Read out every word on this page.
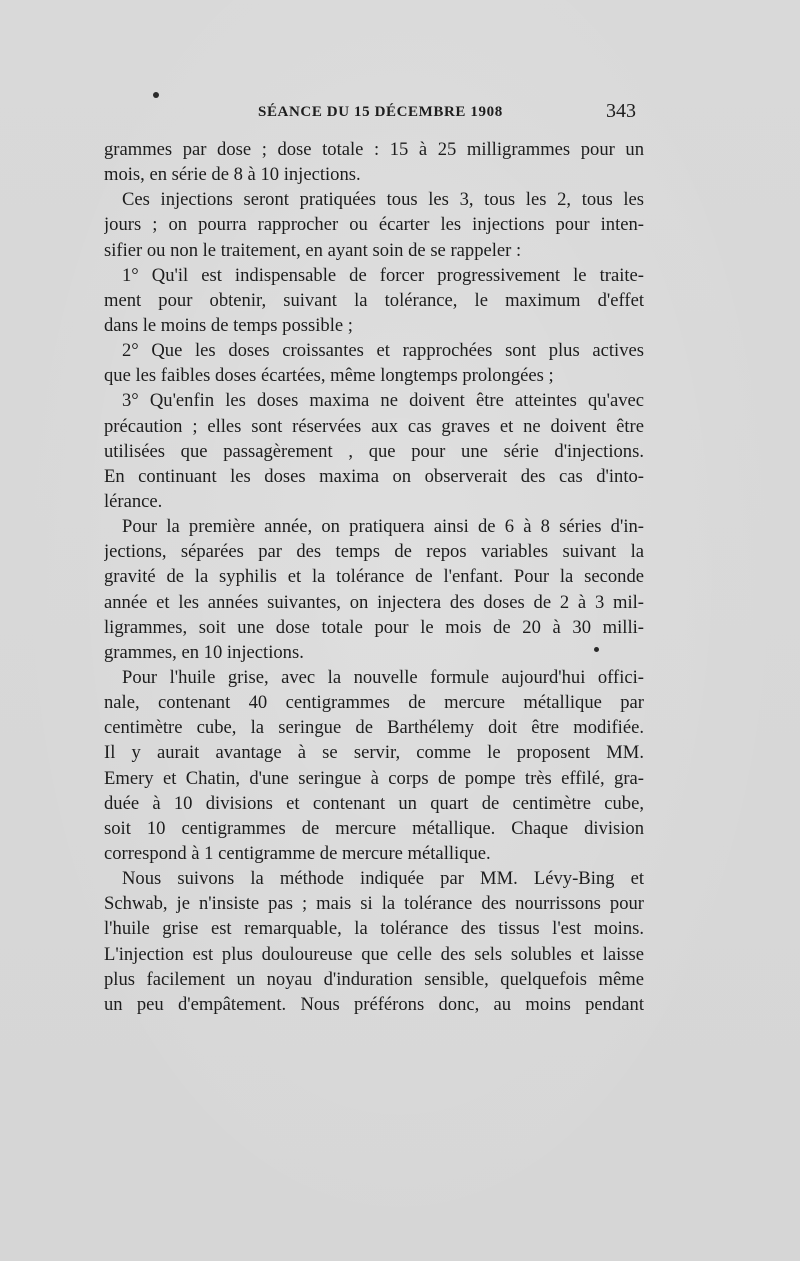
SÉANCE DU 15 DÉCEMBRE 1908	343
grammes par dose ; dose totale : 15 à 25 milligrammes pour un
mois, en série de 8 à 10 injections.
Ces injections seront pratiquées tous les 3, tous les 2, tous les
jours ; on pourra rapprocher ou écarter les injections pour inten-
sifier ou non le traitement, en ayant soin de se rappeler :
1° Qu'il est indispensable de forcer progressivement le traite-
ment pour obtenir, suivant la tolérance, le maximum d'effet
dans le moins de temps possible ;
2° Que les doses croissantes et rapprochées sont plus actives
que les faibles doses écartées, même longtemps prolongées ;
3° Qu'enfin les doses maxima ne doivent être atteintes qu'avec
précaution ; elles sont réservées aux cas graves et ne doivent être
utilisées que passagèrement , que pour une série d'injections.
En continuant les doses maxima on observerait des cas d'into-
lérance.
Pour la première année, on pratiquera ainsi de 6 à 8 séries d'in-
jections, séparées par des temps de repos variables suivant la
gravité de la syphilis et la tolérance de l'enfant. Pour la seconde
année et les années suivantes, on injectera des doses de 2 à 3 mil-
ligrammes, soit une dose totale pour le mois de 20 à 30 milli-
grammes, en 10 injections.
Pour l'huile grise, avec la nouvelle formule aujourd'hui offici-
nale, contenant 40 centigrammes de mercure métallique par
centimètre cube, la seringue de Barthélemy doit être modifiée.
Il y aurait avantage à se servir, comme le proposent MM.
Emery et Chatin, d'une seringue à corps de pompe très effilé, gra-
duée à 10 divisions et contenant un quart de centimètre cube,
soit 10 centigrammes de mercure métallique. Chaque division
correspond à 1 centigramme de mercure métallique.
Nous suivons la méthode indiquée par MM. Lévy-Bing et
Schwab, je n'insiste pas ; mais si la tolérance des nourrissons pour
l'huile grise est remarquable, la tolérance des tissus l'est moins.
L'injection est plus douloureuse que celle des sels solubles et laisse
plus facilement un noyau d'induration sensible, quelquefois même
un peu d'empâtement. Nous préférons donc, au moins pendant
